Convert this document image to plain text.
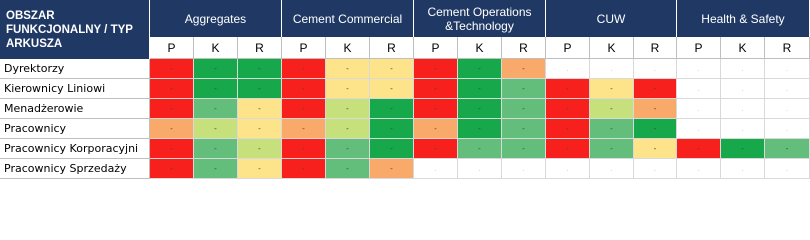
OBSZAR FUNKCJONALNY / TYP ARKUSZA
Aggregates
P	K	R
Cement Commercial
P	K	R
Cement Operations &Technology
P	K	R
CUW
P	K	R
Health & Safety
P	K	R
Dyrektorzy	-	-	-	-	-	-	-	-	-	.	.	.	.	.	.
Kierownicy Liniowi	-	-	-	-	-	-	-	-	-	-	-	-	.	.	.
Menadżerowie	-	-	-	-	-	-	-	-	-	-	-	-	.	.	.
Pracownicy	-	-	-	-	-	-	-	-	-	-	-	-	.	.	.
Pracownicy Korporacyjni	-	-	-	-	-	-	-	-	-	-	-	-	-	-	-
Pracownicy Sprzedaży	-	-	-	-	-	-	.	.	.	.	.	.	.	.	.
